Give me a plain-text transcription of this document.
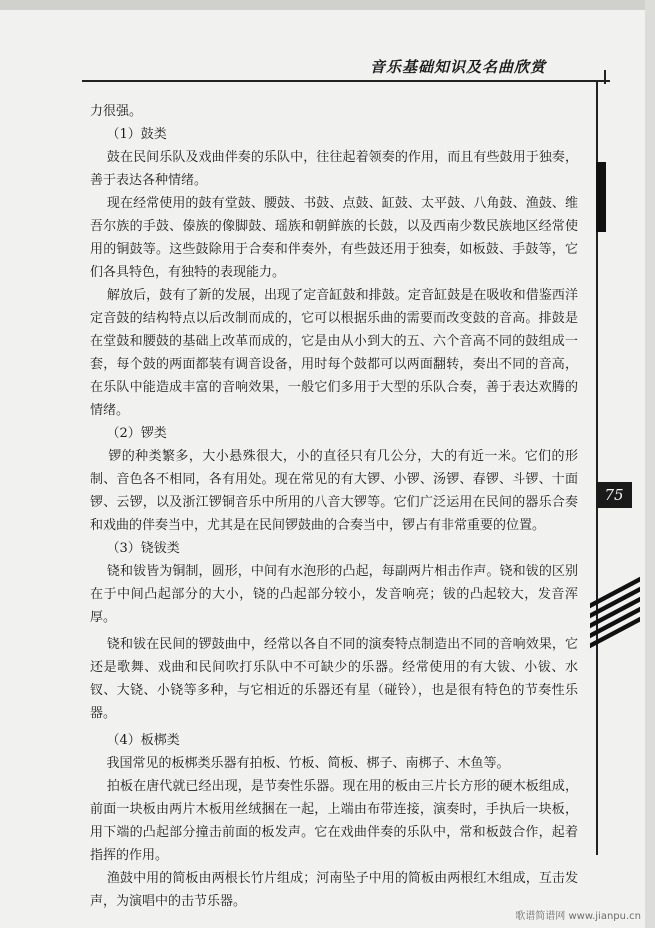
音乐基础知识及名曲欣赏
75

力很强。

（1）鼓类

鼓在民间乐队及戏曲伴奏的乐队中，往往起着领奏的作用，而且有些鼓用于独奏，善于表达各种情绪。

现在经常使用的鼓有堂鼓、腰鼓、书鼓、点鼓、缸鼓、太平鼓、八角鼓、渔鼓、维吾尔族的手鼓、傣族的像脚鼓、瑶族和朝鲜族的长鼓，以及西南少数民族地区经常使用的铜鼓等。这些鼓除用于合奏和伴奏外，有些鼓还用于独奏，如板鼓、手鼓等，它们各具特色，有独特的表现能力。

解放后，鼓有了新的发展，出现了定音缸鼓和排鼓。定音缸鼓是在吸收和借鉴西洋定音鼓的结构特点以后改制而成的，它可以根据乐曲的需要而改变鼓的音高。排鼓是在堂鼓和腰鼓的基础上改革而成的，它是由从小到大的五、六个音高不同的鼓组成一套，每个鼓的两面都装有调音设备，用时每个鼓都可以两面翻转，奏出不同的音高，在乐队中能造成丰富的音响效果，一般它们多用于大型的乐队合奏，善于表达欢腾的情绪。

（2）锣类

锣的种类繁多，大小悬殊很大，小的直径只有几公分，大的有近一米。它们的形制、音色各不相同，各有用处。现在常见的有大锣、小锣、汤锣、春锣、斗锣、十面锣、云锣，以及浙江锣铜音乐中所用的八音大锣等。它们广泛运用在民间的器乐合奏和戏曲的伴奏当中，尤其是在民间锣鼓曲的合奏当中，锣占有非常重要的位置。

（3）铙钹类

铙和钹皆为铜制，圆形，中间有水泡形的凸起，每副两片相击作声。铙和钹的区别在于中间凸起部分的大小，铙的凸起部分较小，发音响亮；钹的凸起较大，发音浑厚。

铙和钹在民间的锣鼓曲中，经常以各自不同的演奏特点制造出不同的音响效果，它还是歌舞、戏曲和民间吹打乐队中不可缺少的乐器。经常使用的有大钹、小钹、水钗、大铙、小铙等多种，与它相近的乐器还有星（碰铃），也是很有特色的节奏性乐器。

（4）板梆类

我国常见的板梆类乐器有拍板、竹板、简板、梆子、南梆子、木鱼等。

拍板在唐代就已经出现，是节奏性乐器。现在用的板由三片长方形的硬木板组成，前面一块板由两片木板用丝绒捆在一起，上端由布带连接，演奏时，手执后一块板，用下端的凸起部分撞击前面的板发声。它在戏曲伴奏的乐队中，常和板鼓合作，起着指挥的作用。

渔鼓中用的简板由两根长竹片组成；河南坠子中用的简板由两根红木组成，互击发声，为演唱中的击节乐器。

歌谱简谱网 www.jianpu.cn
